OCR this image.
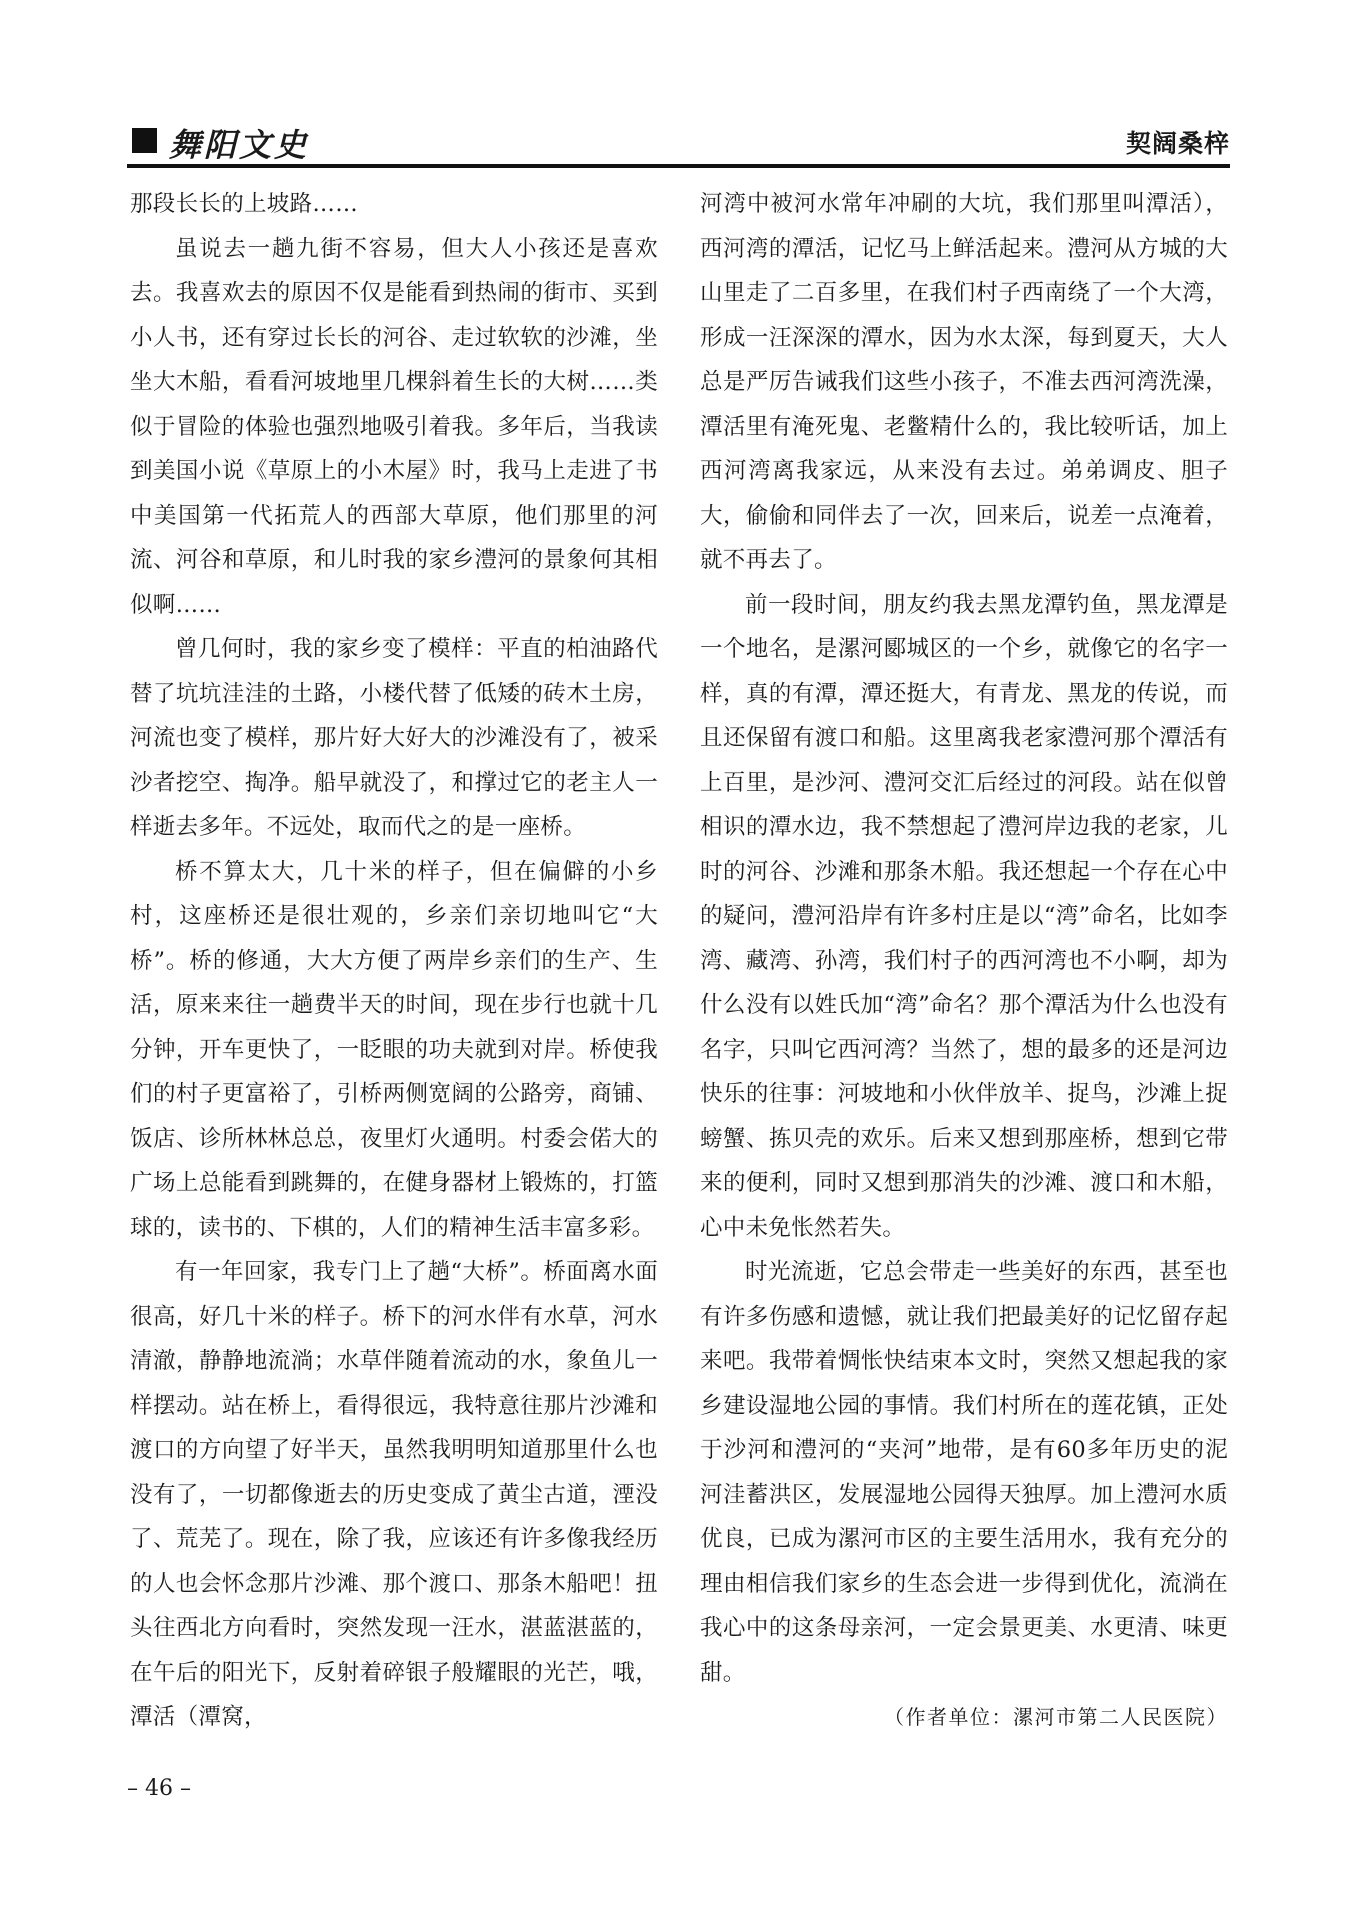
舞阳文史	契阔桑梓

那段长长的上坡路……

虽说去一趟九街不容易，但大人小孩还是喜欢去。我喜欢去的原因不仅是能看到热闹的街市、买到小人书，还有穿过长长的河谷、走过软软的沙滩，坐坐大木船，看看河坡地里几棵斜着生长的大树……类似于冒险的体验也强烈地吸引着我。多年后，当我读到美国小说《草原上的小木屋》时，我马上走进了书中美国第一代拓荒人的西部大草原，他们那里的河流、河谷和草原，和儿时我的家乡澧河的景象何其相似啊……

曾几何时，我的家乡变了模样：平直的柏油路代替了坑坑洼洼的土路，小楼代替了低矮的砖木土房，河流也变了模样，那片好大好大的沙滩没有了，被采沙者挖空、掏净。船早就没了，和撑过它的老主人一样逝去多年。不远处，取而代之的是一座桥。

桥不算太大，几十米的样子，但在偏僻的小乡村，这座桥还是很壮观的，乡亲们亲切地叫它“大桥”。桥的修通，大大方便了两岸乡亲们的生产、生活，原来来往一趟费半天的时间，现在步行也就十几分钟，开车更快了，一眨眼的功夫就到对岸。桥使我们的村子更富裕了，引桥两侧宽阔的公路旁，商铺、饭店、诊所林林总总，夜里灯火通明。村委会偌大的广场上总能看到跳舞的，在健身器材上锻炼的，打篮球的，读书的、下棋的，人们的精神生活丰富多彩。

有一年回家，我专门上了趟“大桥”。桥面离水面很高，好几十米的样子。桥下的河水伴有水草，河水清澈，静静地流淌；水草伴随着流动的水，象鱼儿一样摆动。站在桥上，看得很远，我特意往那片沙滩和渡口的方向望了好半天，虽然我明明知道那里什么也没有了，一切都像逝去的历史变成了黄尘古道，湮没了、荒芜了。现在，除了我，应该还有许多像我经历的人也会怀念那片沙滩、那个渡口、那条木船吧！扭头往西北方向看时，突然发现一汪水，湛蓝湛蓝的，在午后的阳光下，反射着碎银子般耀眼的光芒，哦，潭活（潭窝，

河湾中被河水常年冲刷的大坑，我们那里叫潭活），西河湾的潭活，记忆马上鲜活起来。澧河从方城的大山里走了二百多里，在我们村子西南绕了一个大湾，形成一汪深深的潭水，因为水太深，每到夏天，大人总是严厉告诫我们这些小孩子，不准去西河湾洗澡，潭活里有淹死鬼、老鳖精什么的，我比较听话，加上西河湾离我家远，从来没有去过。弟弟调皮、胆子大，偷偷和同伴去了一次，回来后，说差一点淹着，就不再去了。

前一段时间，朋友约我去黑龙潭钓鱼，黑龙潭是一个地名，是漯河郾城区的一个乡，就像它的名字一样，真的有潭，潭还挺大，有青龙、黑龙的传说，而且还保留有渡口和船。这里离我老家澧河那个潭活有上百里，是沙河、澧河交汇后经过的河段。站在似曾相识的潭水边，我不禁想起了澧河岸边我的老家，儿时的河谷、沙滩和那条木船。我还想起一个存在心中的疑问，澧河沿岸有许多村庄是以“湾”命名，比如李湾、藏湾、孙湾，我们村子的西河湾也不小啊，却为什么没有以姓氏加“湾”命名？那个潭活为什么也没有名字，只叫它西河湾？当然了，想的最多的还是河边快乐的往事：河坡地和小伙伴放羊、捉鸟，沙滩上捉螃蟹、拣贝壳的欢乐。后来又想到那座桥，想到它带来的便利，同时又想到那消失的沙滩、渡口和木船，心中未免怅然若失。

时光流逝，它总会带走一些美好的东西，甚至也有许多伤感和遗憾，就让我们把最美好的记忆留存起来吧。我带着惆怅快结束本文时，突然又想起我的家乡建设湿地公园的事情。我们村所在的莲花镇，正处于沙河和澧河的“夹河”地带，是有60多年历史的泥河洼蓄洪区，发展湿地公园得天独厚。加上澧河水质优良，已成为漯河市区的主要生活用水，我有充分的理由相信我们家乡的生态会进一步得到优化，流淌在我心中的这条母亲河，一定会景更美、水更清、味更甜。

（作者单位：漯河市第二人民医院）

– 46 –
